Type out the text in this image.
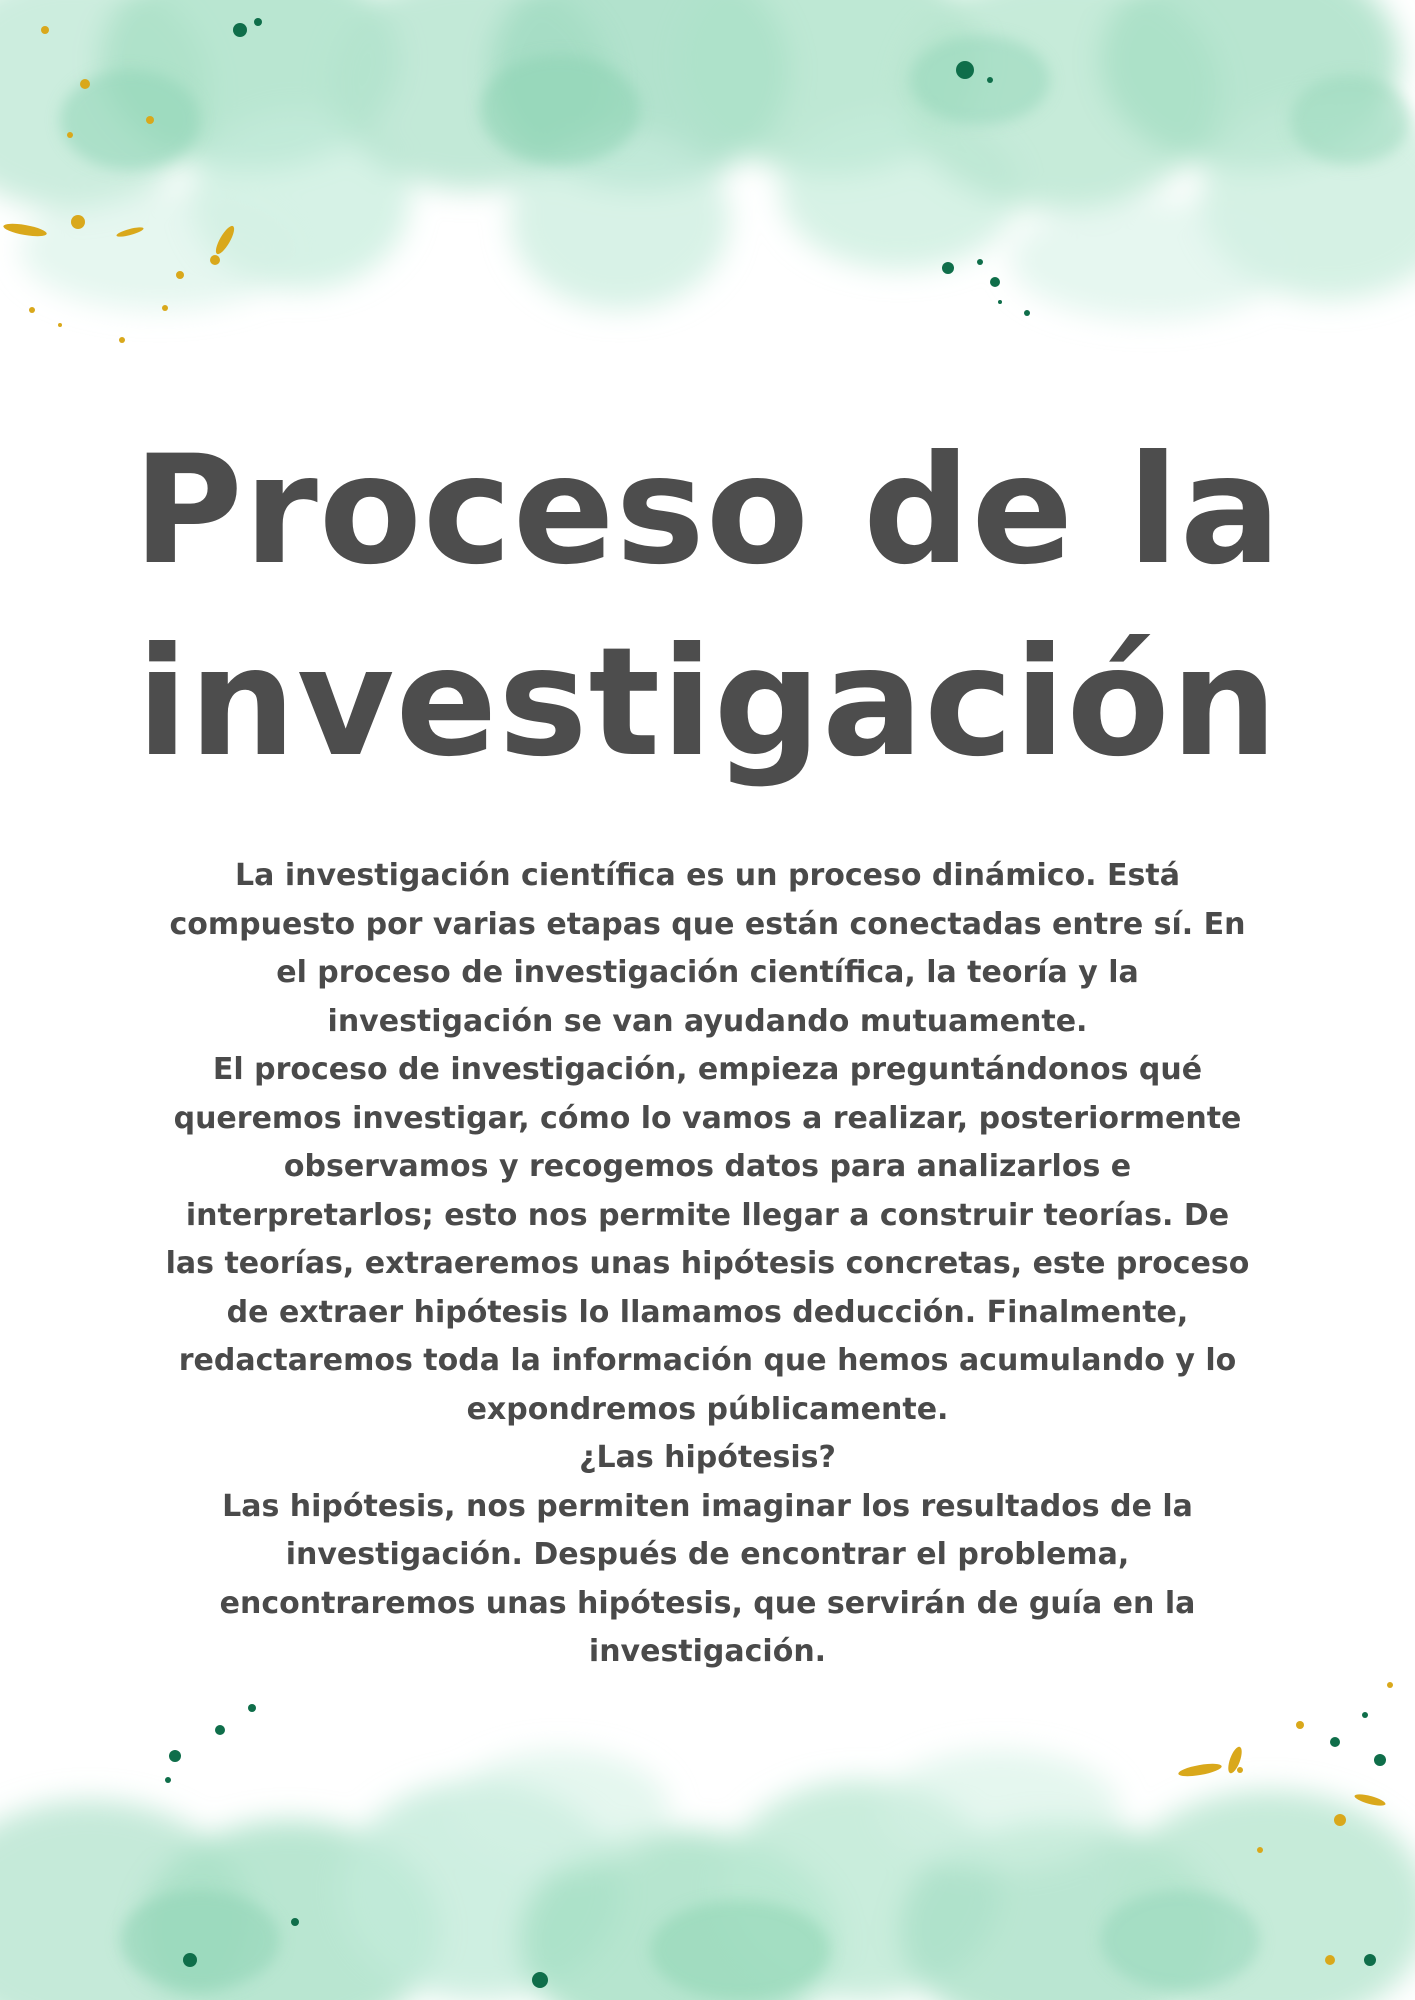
Proceso de la
investigación

La investigación científica es un proceso dinámico. Está compuesto por varias etapas que están conectadas entre sí. En el proceso de investigación científica, la teoría y la investigación se van ayudando mutuamente.

El proceso de investigación, empieza preguntándonos qué queremos investigar, cómo lo vamos a realizar, posteriormente observamos y recogemos datos para analizarlos e interpretarlos; esto nos permite llegar a construir teorías. De las teorías, extraeremos unas hipótesis concretas, este proceso de extraer hipótesis lo llamamos deducción. Finalmente, redactaremos toda la información que hemos acumulando y lo expondremos públicamente.

¿Las hipótesis?

Las hipótesis, nos permiten imaginar los resultados de la investigación. Después de encontrar el problema, encontraremos unas hipótesis, que servirán de guía en la investigación.
